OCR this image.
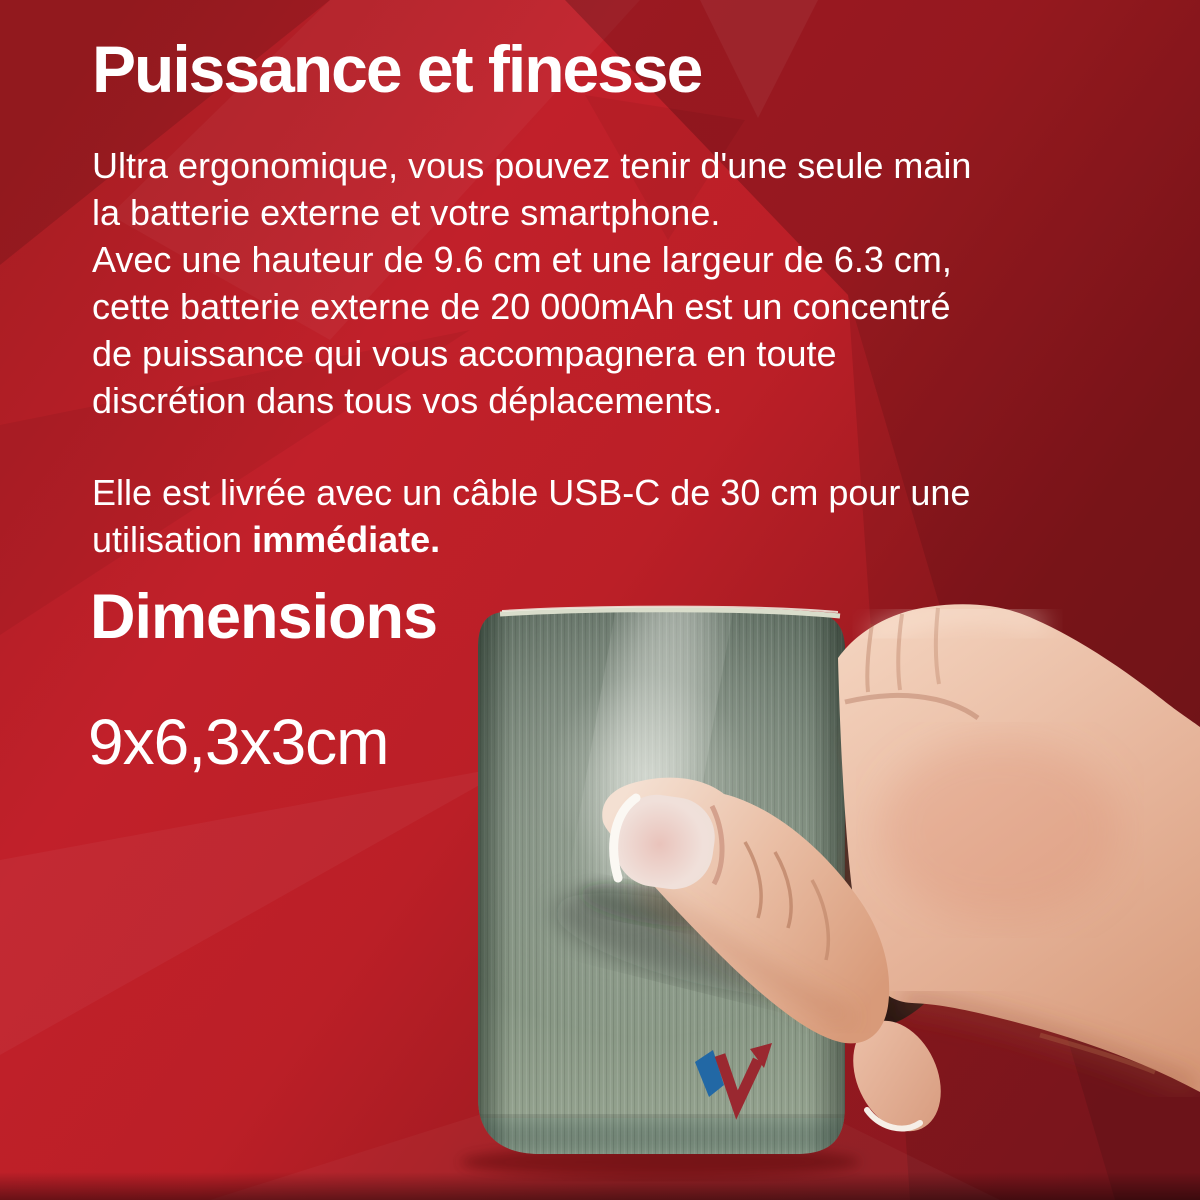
Puissance et finesse
Ultra ergonomique, vous pouvez tenir d'une seule main
la batterie externe et votre smartphone.
Avec une hauteur de 9.6 cm et une largeur de 6.3 cm,
cette batterie externe de 20 000mAh est un concentré
de puissance qui vous accompagnera en toute
discrétion dans tous vos déplacements.
Elle est livrée avec un câble USB-C de 30 cm pour une
utilisation immédiate.
Dimensions
9x6,3x3cm
